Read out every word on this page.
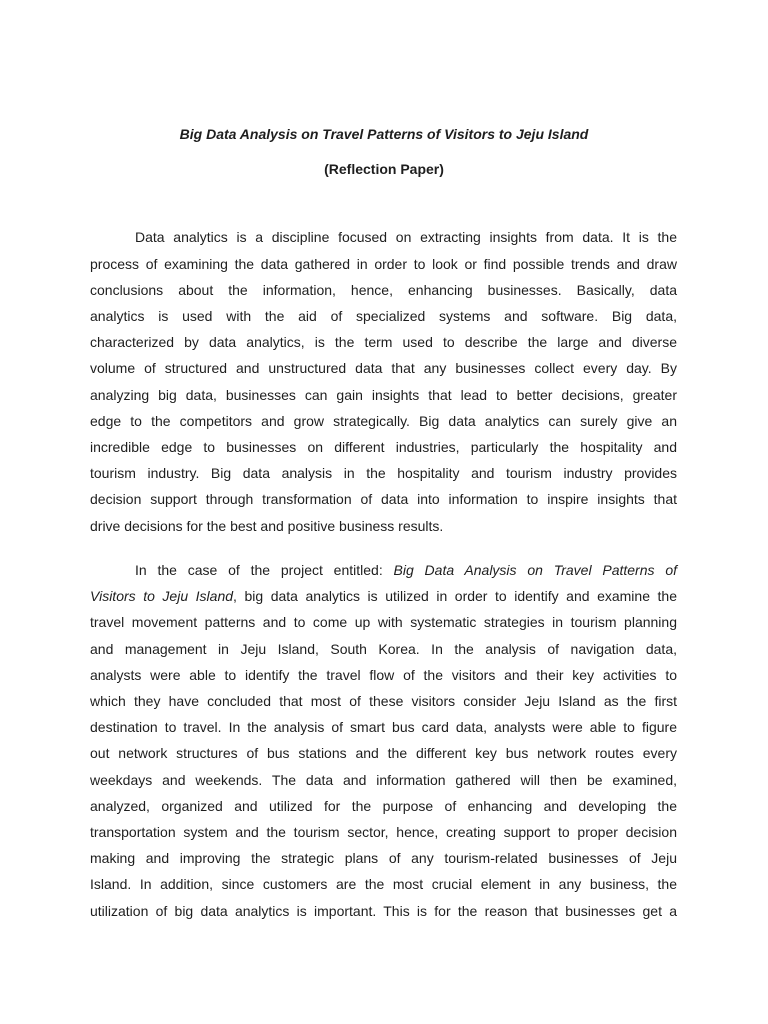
Big Data Analysis on Travel Patterns of Visitors to Jeju Island
(Reflection Paper)
Data analytics is a discipline focused on extracting insights from data. It is the
process of examining the data gathered in order to look or find possible trends and draw
conclusions about the information, hence, enhancing businesses. Basically, data
analytics is used with the aid of specialized systems and software. Big data,
characterized by data analytics, is the term used to describe the large and diverse
volume of structured and unstructured data that any businesses collect every day. By
analyzing big data, businesses can gain insights that lead to better decisions, greater
edge to the competitors and grow strategically. Big data analytics can surely give an
incredible edge to businesses on different industries, particularly the hospitality and
tourism industry. Big data analysis in the hospitality and tourism industry provides
decision support through transformation of data into information to inspire insights that
drive decisions for the best and positive business results.
In the case of the project entitled: Big Data Analysis on Travel Patterns of
Visitors to Jeju Island, big data analytics is utilized in order to identify and examine the
travel movement patterns and to come up with systematic strategies in tourism planning
and management in Jeju Island, South Korea. In the analysis of navigation data,
analysts were able to identify the travel flow of the visitors and their key activities to
which they have concluded that most of these visitors consider Jeju Island as the first
destination to travel. In the analysis of smart bus card data, analysts were able to figure
out network structures of bus stations and the different key bus network routes every
weekdays and weekends. The data and information gathered will then be examined,
analyzed, organized and utilized for the purpose of enhancing and developing the
transportation system and the tourism sector, hence, creating support to proper decision
making and improving the strategic plans of any tourism-related businesses of Jeju
Island. In addition, since customers are the most crucial element in any business, the
utilization of big data analytics is important. This is for the reason that businesses get a
